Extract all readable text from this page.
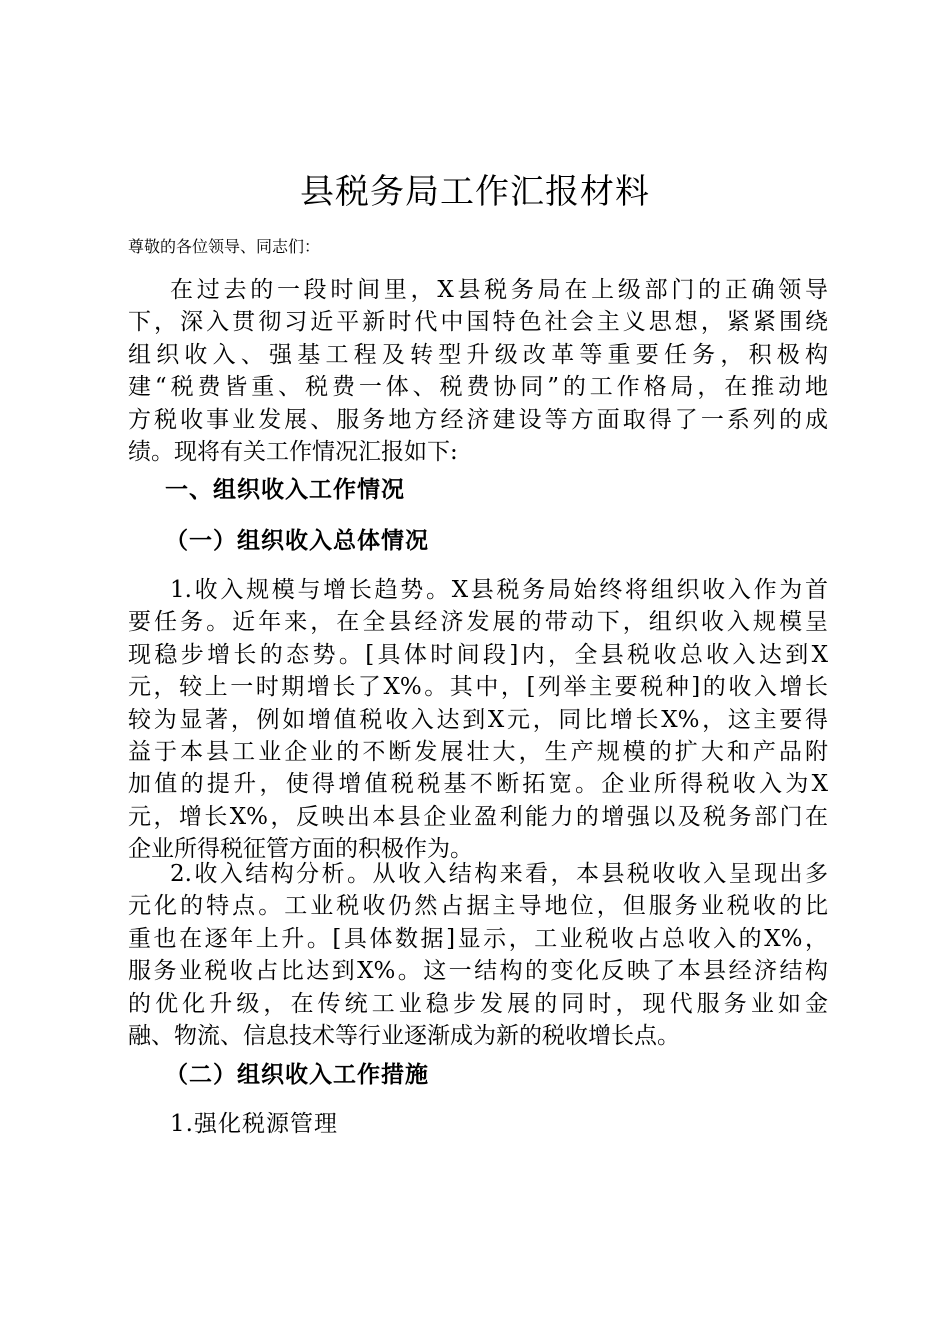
县税务局工作汇报材料
尊敬的各位领导、同志们：
在过去的一段时间里，X县税务局在上级部门的正确领导
下，深入贯彻习近平新时代中国特色社会主义思想，紧紧围绕
组织收入、强基工程及转型升级改革等重要任务，积极构
建“税费皆重、税费一体、税费协同”的工作格局，在推动地
方税收事业发展、服务地方经济建设等方面取得了一系列的成
绩。现将有关工作情况汇报如下:
一、组织收入工作情况
（一）组织收入总体情况
1.收入规模与增长趋势。X县税务局始终将组织收入作为首
要任务。近年来，在全县经济发展的带动下，组织收入规模呈
现稳步增长的态势。[具体时间段]内，全县税收总收入达到X
元，较上一时期增长了X%。其中，[列举主要税种]的收入增长
较为显著，例如增值税收入达到X元，同比增长X%，这主要得
益于本县工业企业的不断发展壮大，生产规模的扩大和产品附
加值的提升，使得增值税税基不断拓宽。企业所得税收入为X
元，增长X%，反映出本县企业盈利能力的增强以及税务部门在
企业所得税征管方面的积极作为。
2.收入结构分析。从收入结构来看，本县税收收入呈现出多
元化的特点。工业税收仍然占据主导地位，但服务业税收的比
重也在逐年上升。[具体数据]显示，工业税收占总收入的X%，
服务业税收占比达到X%。这一结构的变化反映了本县经济结构
的优化升级，在传统工业稳步发展的同时，现代服务业如金
融、物流、信息技术等行业逐渐成为新的税收增长点。
（二）组织收入工作措施
1.强化税源管理
